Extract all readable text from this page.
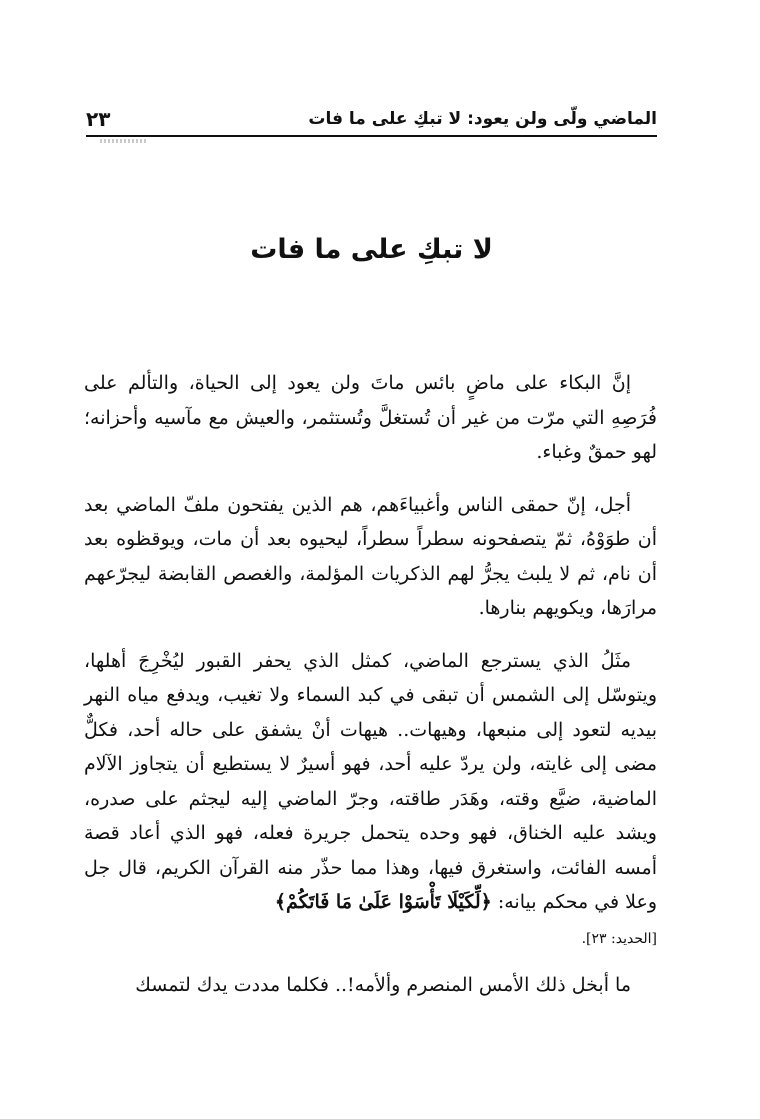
الماضي ولّى ولن يعود: لا تبكِ على ما فات
٢٣
لا تبكِ على ما فات

إنَّ البكاء على ماضٍ بائس ماتَ ولن يعود إلى الحياة، والتألم على فُرَصِهِ التي مرّت من غير أن تُستغلَّ وتُستثمر، والعيش مع مآسيه وأحزانه؛ لهو حمقٌ وغباء.

أجل، إنّ حمقى الناس وأغبياءَهم، هم الذين يفتحون ملفّ الماضي بعد أن طوَوْهُ، ثمّ يتصفحونه سطراً سطراً، ليحيوه بعد أن مات، ويوقظوه بعد أن نام، ثم لا يلبث يجرُّ لهم الذكريات المؤلمة، والغصص القابضة ليجرّعهم مرارَها، ويكويهم بنارها.

مثَلُ الذي يسترجع الماضي، كمثل الذي يحفر القبور ليُخْرِجَ أهلها، ويتوسّل إلى الشمس أن تبقى في كبد السماء ولا تغيب، ويدفع مياه النهر بيديه لتعود إلى منبعها، وهيهات.. هيهات أنْ يشفق على حاله أحد، فكلٌّ مضى إلى غايته، ولن يردّ عليه أحد، فهو أسيرٌ لا يستطيع أن يتجاوز الآلام الماضية، ضيَّع وقته، وهَدَر طاقته، وجرّ الماضي إليه ليجثم على صدره، ويشد عليه الخناق، فهو وحده يتحمل جريرة فعله، فهو الذي أعاد قصة أمسه الفائت، واستغرق فيها، وهذا مما حذّر منه القرآن الكريم، قال جل وعلا في محكم بيانه: ﴿لِّكَيْلَا تَأْسَوْا عَلَىٰ مَا فَاتَكُمْ﴾

[الحديد: ٢٣].

ما أبخل ذلك الأمس المنصرم وألأمه!.. فكلما مددت يدك لتمسك
